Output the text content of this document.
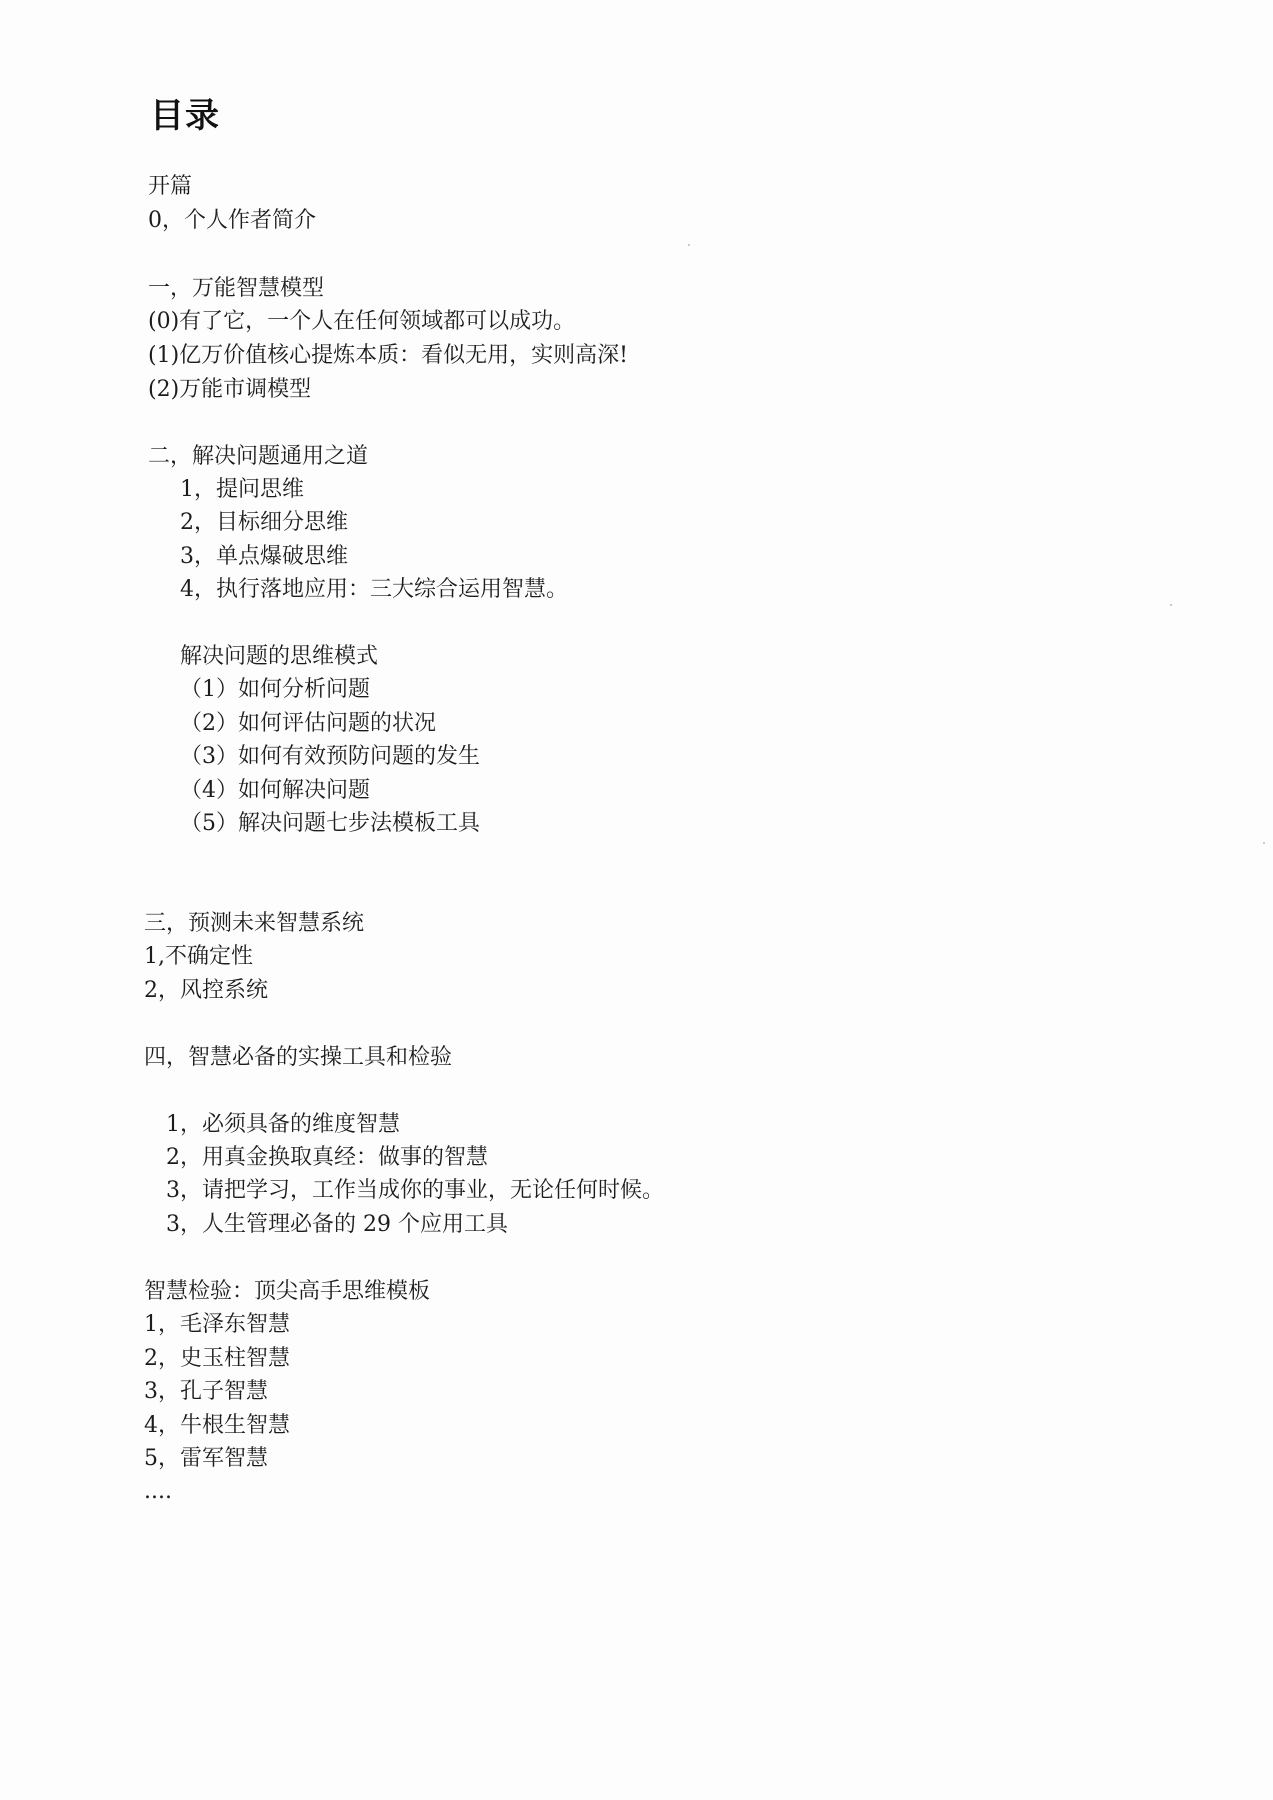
目录
开篇
0，个人作者简介
一，万能智慧模型
(0)有了它，一个人在任何领域都可以成功。
(1)亿万价值核心提炼本质：看似无用，实则高深!
(2)万能市调模型
二，解决问题通用之道
1，提问思维
2，目标细分思维
3，单点爆破思维
4，执行落地应用：三大综合运用智慧。
解决问题的思维模式
（1）如何分析问题
（2）如何评估问题的状况
（3）如何有效预防问题的发生
（4）如何解决问题
（5）解决问题七步法模板工具
三，预测未来智慧系统
1,不确定性
2，风控系统
四，智慧必备的实操工具和检验
1，必须具备的维度智慧
2，用真金换取真经：做事的智慧
3，请把学习，工作当成你的事业，无论任何时候。
3，人生管理必备的 29 个应用工具
智慧检验：顶尖高手思维模板
1，毛泽东智慧
2，史玉柱智慧
3，孔子智慧
4，牛根生智慧
5，雷军智慧
....
